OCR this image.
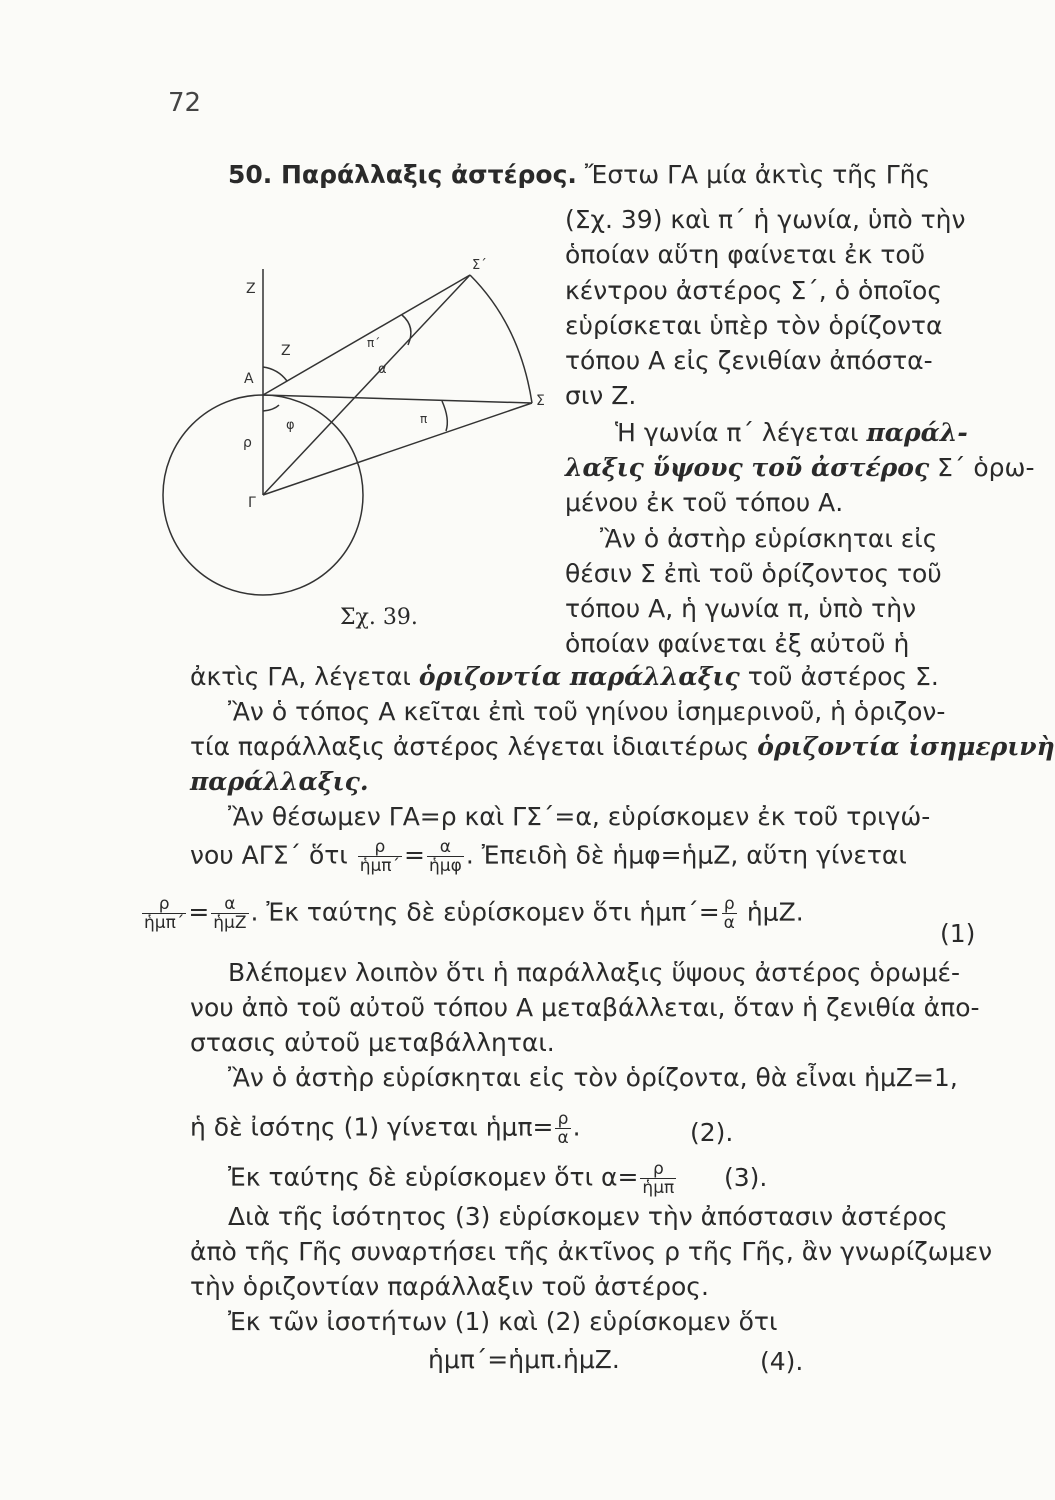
72
Ζ
Ζ
Α
φ
ρ
Γ
α
π΄
π
Σ
Σ΄
Σχ. 39.
50. Παράλλαξις ἀστέρος. Ἔστω ΓΑ μία ἀκτὶς τῆς Γῆς
(Σχ. 39) καὶ π΄ ἡ γωνία, ὑπὸ τὴν
ὁποίαν αὕτη φαίνεται ἐκ τοῦ
κέντρου ἀστέρος Σ΄, ὁ ὁποῖος
εὑρίσκεται ὑπὲρ τὸν ὁρίζοντα
τόπου Α εἰς ζενιθίαν ἀπόστα-
σιν Ζ.
Ἡ γωνία π΄ λέγεται παράλ-
λαξις ὕψους τοῦ ἀστέρος Σ΄ ὁρω-
μένου ἐκ τοῦ τόπου Α.
Ἂν ὁ ἀστὴρ εὑρίσκηται εἰς
θέσιν Σ ἐπὶ τοῦ ὁρίζοντος τοῦ
τόπου Α, ἡ γωνία π, ὑπὸ τὴν
ὁποίαν φαίνεται ἐξ αὐτοῦ ἡ
ἀκτὶς ΓΑ, λέγεται ὁριζοντία παράλλαξις τοῦ ἀστέρος Σ.
Ἂν ὁ τόπος Α κεῖται ἐπὶ τοῦ γηίνου ἰσημερινοῦ, ἡ ὁριζον-
τία παράλλαξις ἀστέρος λέγεται ἰδιαιτέρως ὁριζοντία ἰσημερινὴ
παράλλαξις.
Ἂν θέσωμεν ΓΑ=ρ καὶ ΓΣ΄=α, εὑρίσκομεν ἐκ τοῦ τριγώ-
νου ΑΓΣ΄ ὅτι $\frac{\rho}{\text{ἡμπ΄}} = \frac{\alpha}{\text{ἡμφ}}$ . Ἐπειδὴ δὲ ἡμφ=ἡμΖ, αὕτη γίνεται
$\frac{\rho}{\text{ἡμπ΄}} = \frac{\alpha}{\text{ἡμΖ}}$ . Ἐκ ταύτης δὲ εὑρίσκομεν ὅτι ἡμπ΄= $\frac{\rho}{\alpha}$ ἡμΖ.
(1)
Βλέπομεν λοιπὸν ὅτι ἡ παράλλαξις ὕψους ἀστέρος ὁρωμέ-
νου ἀπὸ τοῦ αὐτοῦ τόπου Α μεταβάλλεται, ὅταν ἡ ζενιθία ἀπο-
στασις αὐτοῦ μεταβάλληται.
Ἂν ὁ ἀστὴρ εὑρίσκηται εἰς τὸν ὁρίζοντα, θὰ εἶναι ἡμΖ=1,
ἡ δὲ ἰσότης (1) γίνεται ἡμπ= $\frac{\rho}{\alpha}$ .	(2).
Ἐκ ταύτης δὲ εὑρίσκομεν ὅτι $\alpha= \frac{\rho}{\text{ἡμπ}} (3)$.
Διὰ τῆς ἰσότητος (3) εὑρίσκομεν τὴν ἀπόστασιν ἀστέρος
ἀπὸ τῆς Γῆς συναρτήσει τῆς ἀκτῖνος ρ τῆς Γῆς, ἂν γνωρίζωμεν
τὴν ὁριζοντίαν παράλλαξιν τοῦ ἀστέρος.
Ἐκ τῶν ἰσοτήτων (1) καὶ (2) εὑρίσκομεν ὅτι
ἡμπ΄=ἡμπ.ἡμΖ.	(4).
